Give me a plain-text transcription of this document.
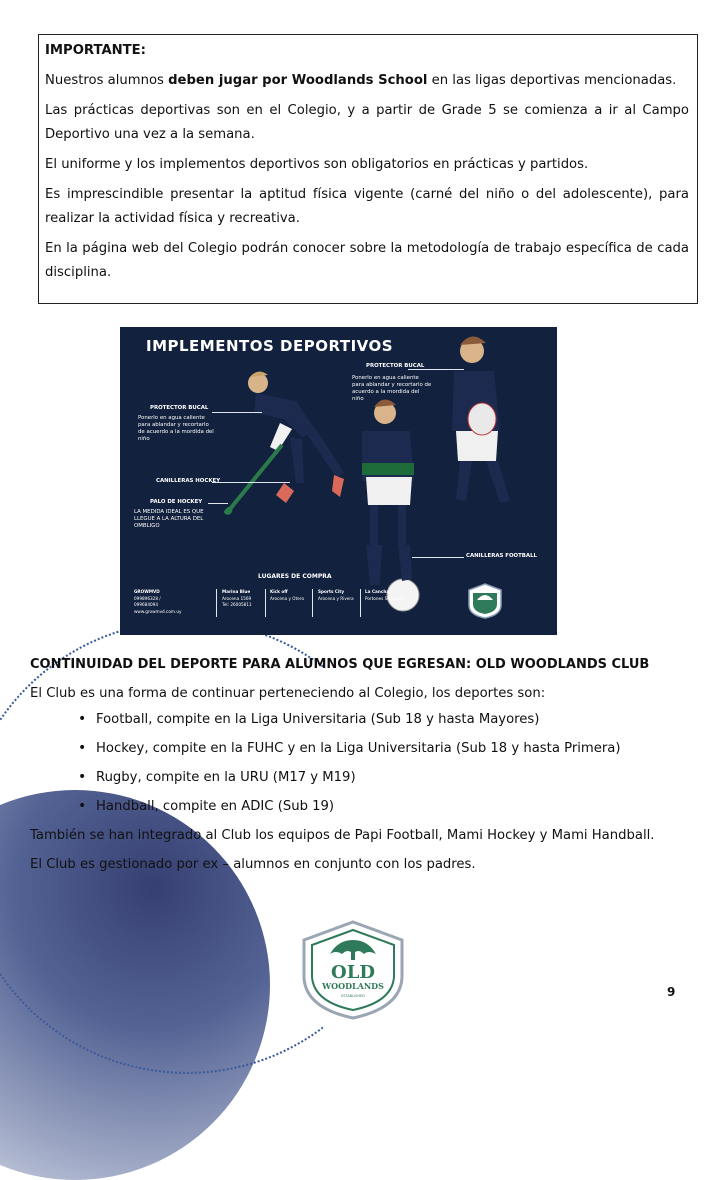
IMPORTANTE:

Nuestros alumnos deben jugar por Woodlands School en las ligas deportivas mencionadas.

Las prácticas deportivas son en el Colegio, y a partir de Grade 5 se comienza a ir al Campo Deportivo una vez a la semana.

El uniforme y los implementos deportivos son obligatorios en prácticas y partidos.

Es imprescindible presentar la aptitud física vigente (carné del niño o del adolescente), para realizar la actividad física y recreativa.

En la página web del Colegio podrán conocer sobre la metodología de trabajo específica de cada disciplina.

IMPLEMENTOS DEPORTIVOS
PROTECTOR BUCAL
Ponerlo en agua caliente para ablandar y recortarlo de acuerdo a la mordida del niño
PROTECTOR BUCAL
Ponerlo en agua caliente para ablandar y recortarlo de acuerdo a la mordida del niño
CANILLERAS HOCKEY
PALO DE HOCKEY
LA MEDIDA IDEAL ES QUE LLEGUE A LA ALTURA DEL OMBLIGO
CANILLERAS FOOTBALL
LUGARES DE COMPRA
GROWMVD
099896328 / 099684094
www.growmvd.com.uy
Marina Blue
Arocena 1569
Tel: 26005811
Kick off
Arocena y Otero
Sports City
Arocena y Rivera
La Cancha
Portones Shopping
CONTINUIDAD DEL DEPORTE PARA ALUMNOS QUE EGRESAN: OLD WOODLANDS CLUB
El Club es una forma de continuar perteneciendo al Colegio, los deportes son:
• Football, compite en la Liga Universitaria (Sub 18 y hasta Mayores)
• Hockey, compite en la FUHC y en la Liga Universitaria (Sub 18 y hasta Primera)
• Rugby, compite en la URU (M17 y M19)
• Handball, compite en ADIC (Sub 19)
También se han integrado al Club los equipos de Papi Football, Mami Hockey y Mami Handball.
El Club es gestionado por ex – alumnos en conjunto con los padres.
OLD
WOODLANDS
ESTABLISHED	9
